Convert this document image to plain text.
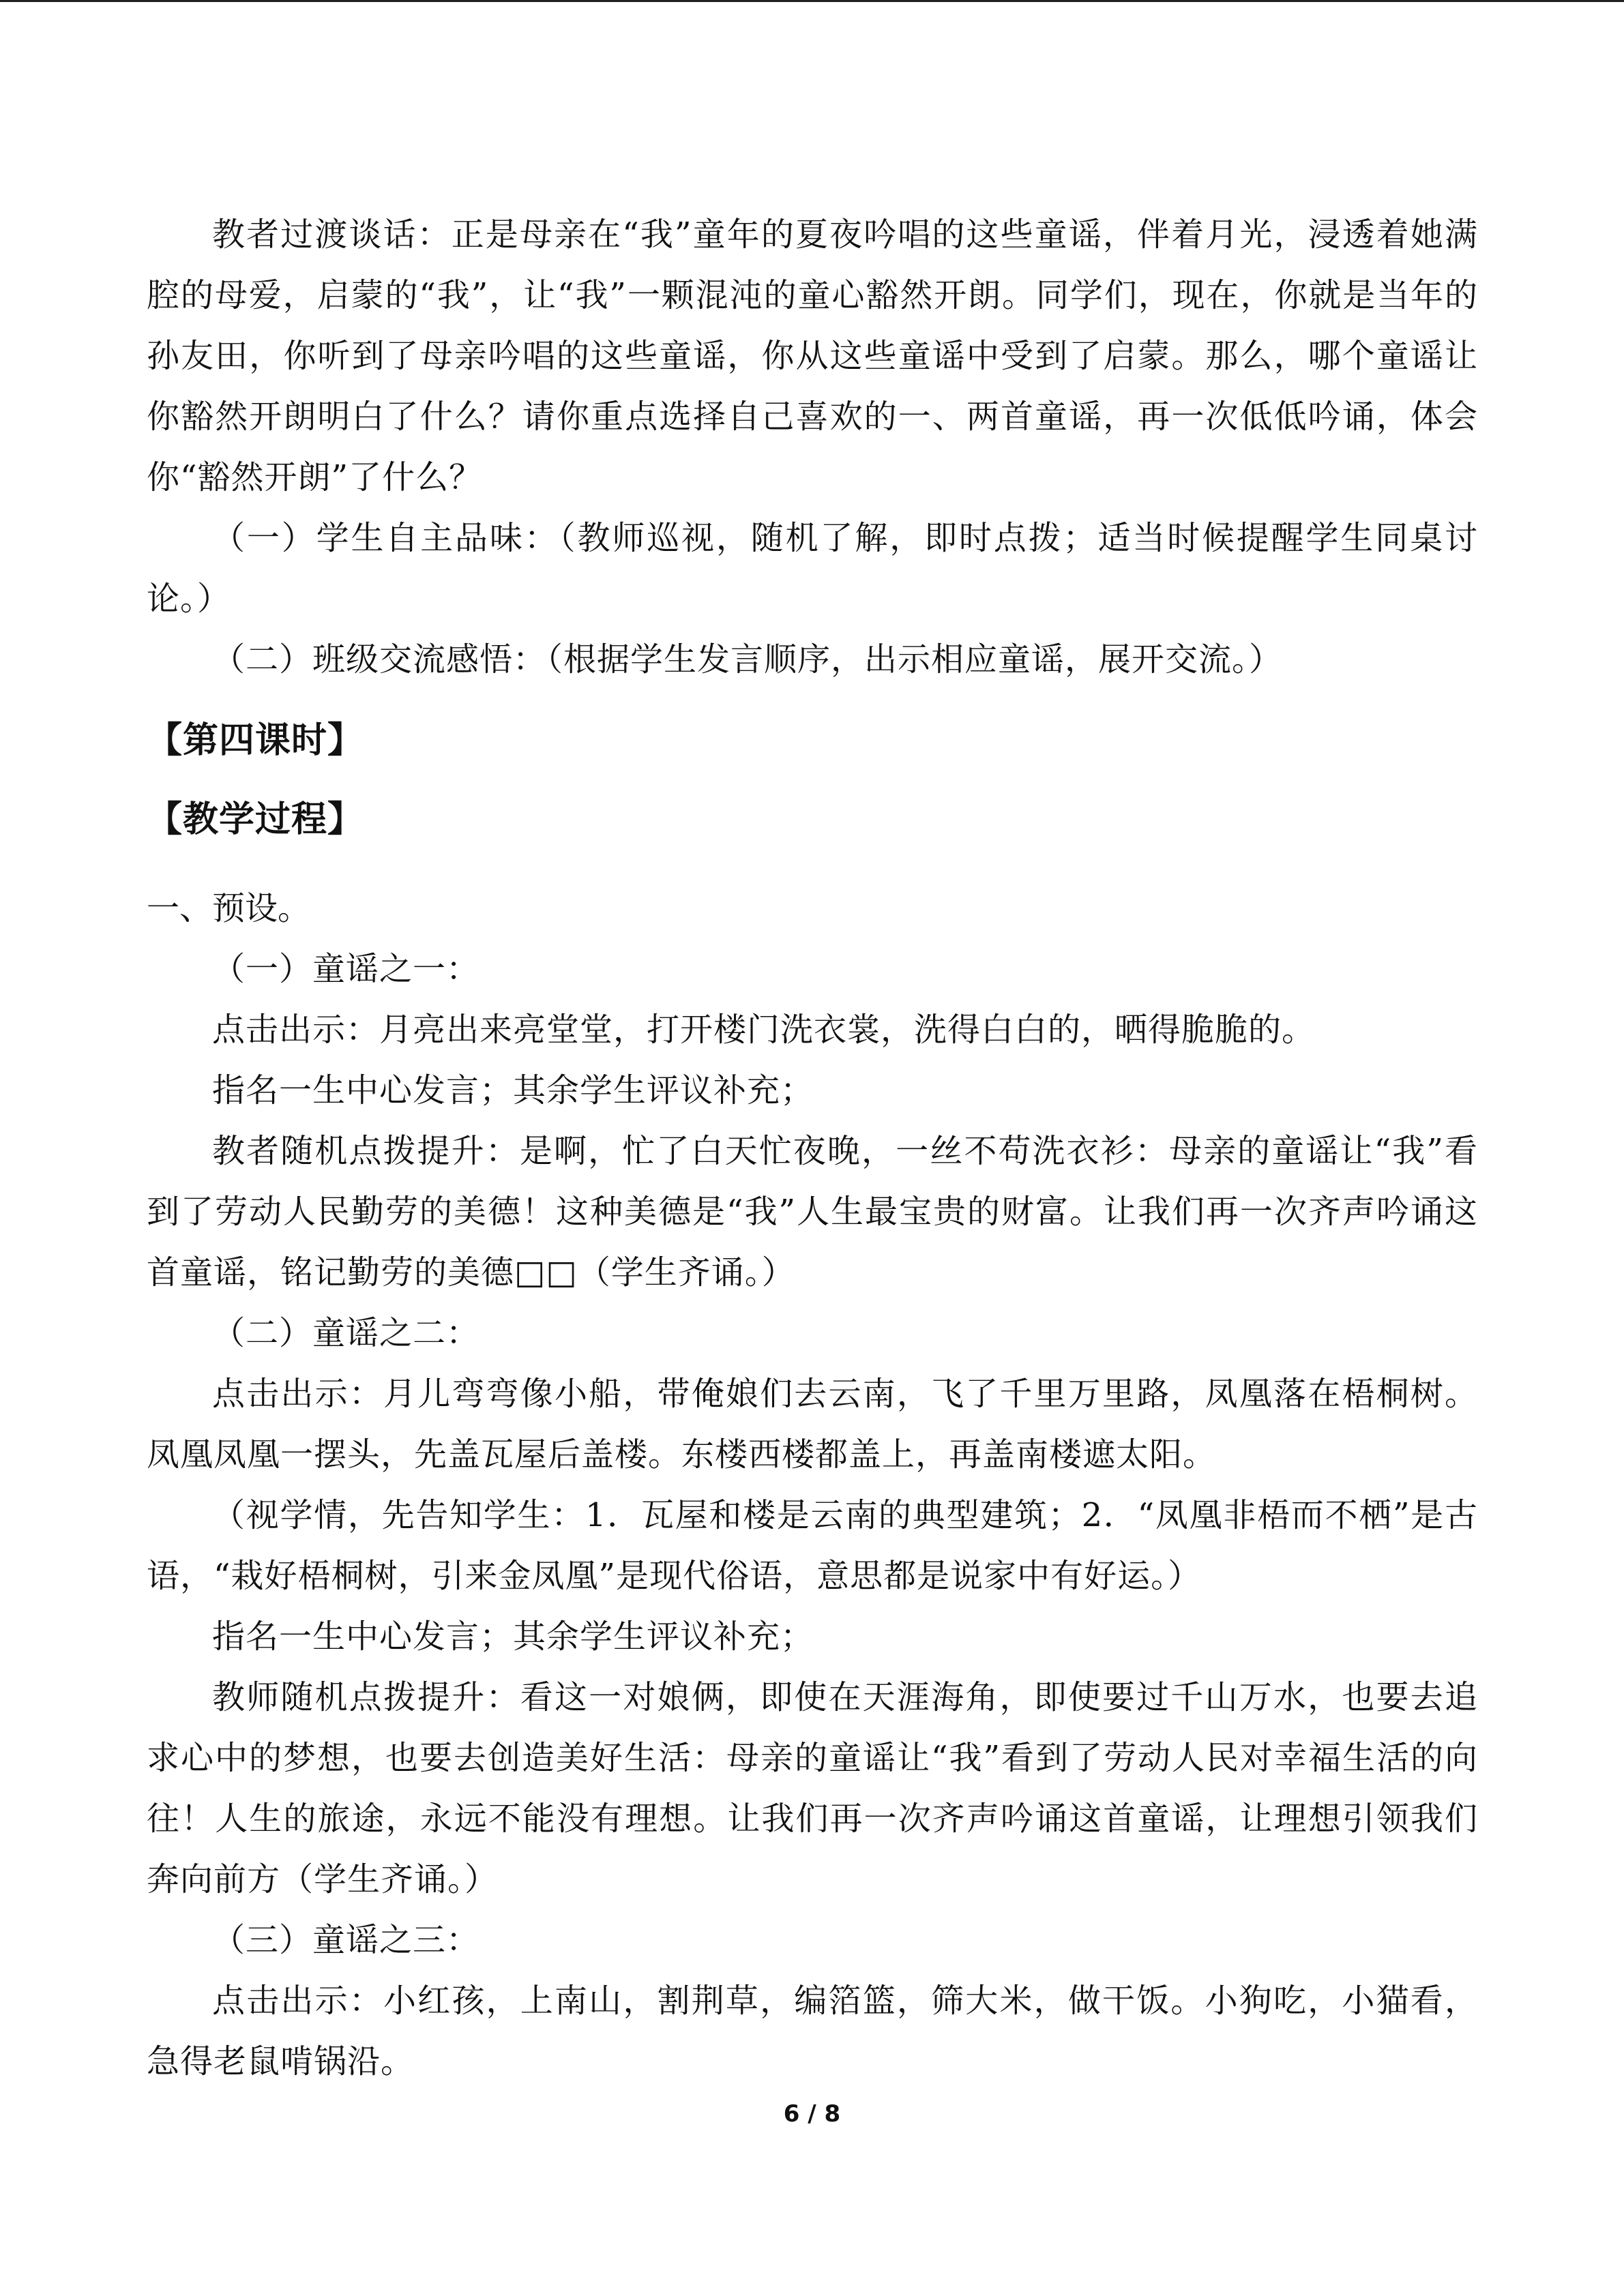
教者过渡谈话：正是母亲在“我”童年的夏夜吟唱的这些童谣，伴着月光，浸透着她满腔的母爱，启蒙的“我”，让“我”一颗混沌的童心豁然开朗。同学们，现在，你就是当年的孙友田，你听到了母亲吟唱的这些童谣，你从这些童谣中受到了启蒙。那么，哪个童谣让你豁然开朗明白了什么？请你重点选择自己喜欢的一、两首童谣，再一次低低吟诵，体会你“豁然开朗”了什么？

（一）学生自主品味：（教师巡视，随机了解，即时点拨；适当时候提醒学生同桌讨论。）

（二）班级交流感悟：（根据学生发言顺序，出示相应童谣，展开交流。）

【第四课时】
【教学过程】

一、预设。

（一）童谣之一：

点击出示：月亮出来亮堂堂，打开楼门洗衣裳，洗得白白的，晒得脆脆的。

指名一生中心发言；其余学生评议补充；

教者随机点拨提升：是啊，忙了白天忙夜晚，一丝不苟洗衣衫：母亲的童谣让“我”看到了劳动人民勤劳的美德！这种美德是“我”人生最宝贵的财富。让我们再一次齐声吟诵这首童谣，铭记勤劳的美德□□（学生齐诵。）

（二）童谣之二：

点击出示：月儿弯弯像小船，带俺娘们去云南，飞了千里万里路，凤凰落在梧桐树。凤凰凤凰一摆头，先盖瓦屋后盖楼。东楼西楼都盖上，再盖南楼遮太阳。

（视学情，先告知学生：1．瓦屋和楼是云南的典型建筑；2．“凤凰非梧而不栖”是古语，“栽好梧桐树，引来金凤凰”是现代俗语，意思都是说家中有好运。）

指名一生中心发言；其余学生评议补充；

教师随机点拨提升：看这一对娘俩，即使在天涯海角，即使要过千山万水，也要去追求心中的梦想，也要去创造美好生活：母亲的童谣让“我”看到了劳动人民对幸福生活的向往！人生的旅途，永远不能没有理想。让我们再一次齐声吟诵这首童谣，让理想引领我们奔向前方（学生齐诵。）

（三）童谣之三：

点击出示：小红孩，上南山，割荆草，编箔篮，筛大米，做干饭。小狗吃，小猫看，急得老鼠啃锅沿。

6 / 8
